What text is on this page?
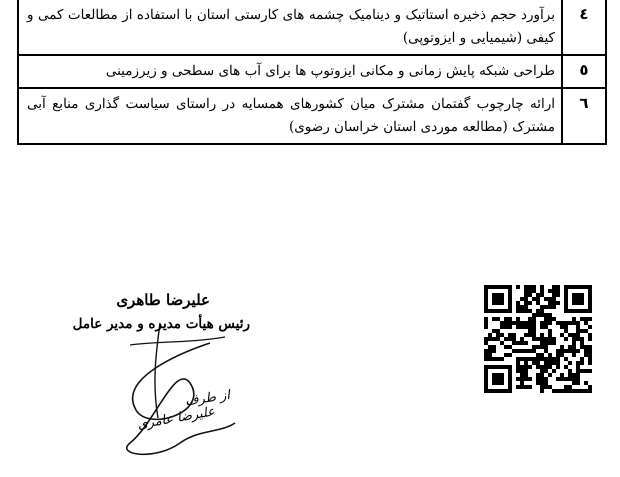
٤	برآورد حجم ذخیره استاتیک و دینامیک چشمه های کارستی استان با استفاده از مطالعات کمی و کیفی (شیمیایی و ایزوتوپی)
٥	طراحی شبکه پایش زمانی و مکانی ایزوتوپ ها برای آب های سطحی و زیرزمینی
٦	ارائه چارچوب گفتمان مشترک میان کشورهای همسایه در راستای سیاست گذاری منابع آبی مشترک (مطالعه موردی استان خراسان رضوی)
علیرضا طاهری
رئیس هیأت مدیره و مدیر عامل
از طرف
علیرضا عامری
